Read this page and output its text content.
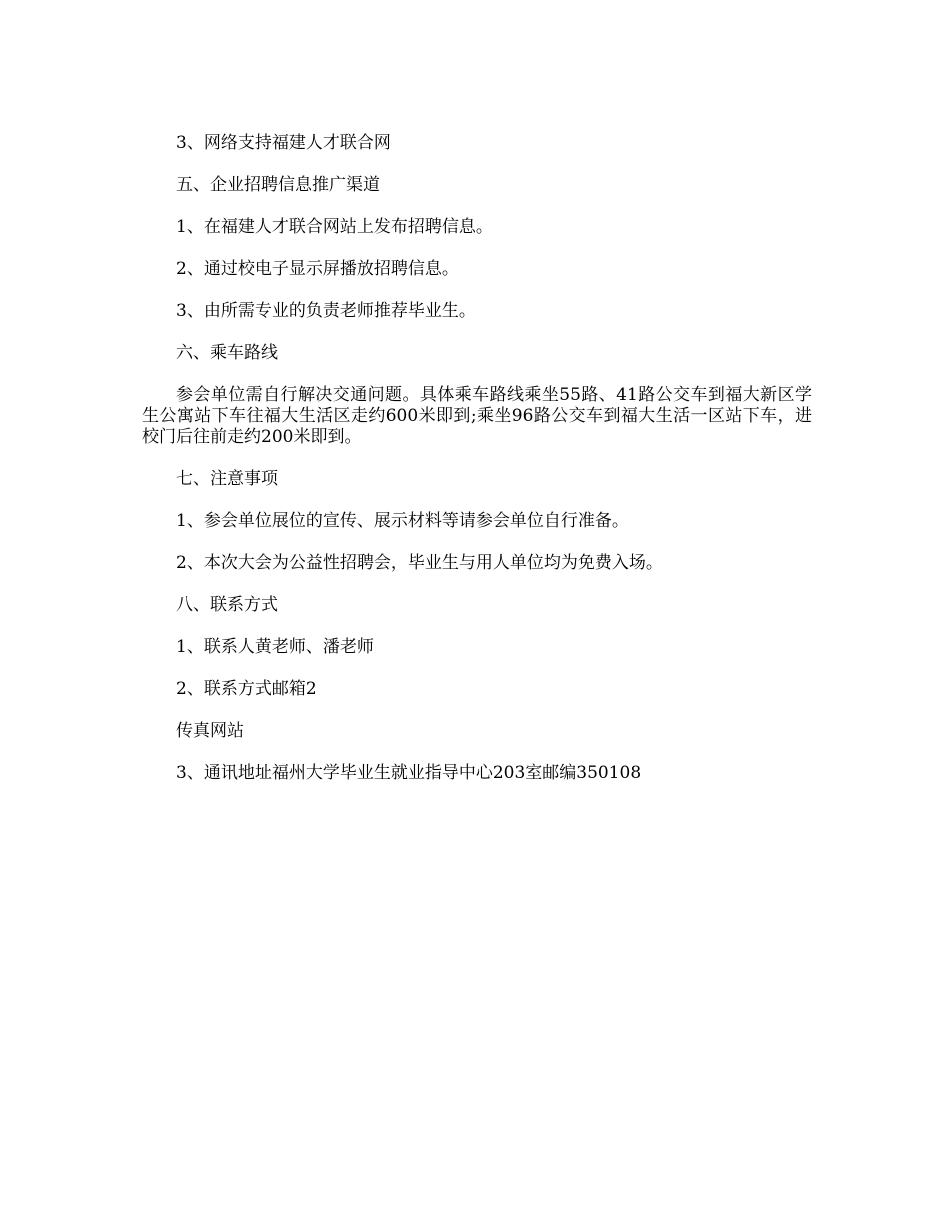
3、网络支持福建人才联合网

五、企业招聘信息推广渠道

1、在福建人才联合网站上发布招聘信息。

2、通过校电子显示屏播放招聘信息。

3、由所需专业的负责老师推荐毕业生。

六、乘车路线

参会单位需自行解决交通问题。具体乘车路线乘坐55路、41路公交车到福大新区学生公寓站下车往福大生活区走约600米即到;乘坐96路公交车到福大生活一区站下车，进校门后往前走约200米即到。

七、注意事项

1、参会单位展位的宣传、展示材料等请参会单位自行准备。

2、本次大会为公益性招聘会，毕业生与用人单位均为免费入场。

八、联系方式

1、联系人黄老师、潘老师

2、联系方式邮箱2

传真网站

3、通讯地址福州大学毕业生就业指导中心203室邮编350108
